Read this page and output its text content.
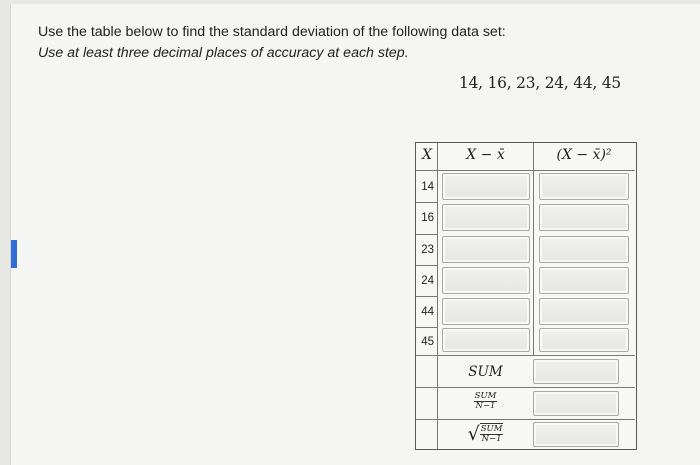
Use the table below to find the standard deviation of the following data set:
Use at least three decimal places of accuracy at each step.
14, 16, 23, 24, 44, 45
X	X − x̄	(X − x̄)²
14
16
23
24
44
45
SUM
$\frac{\text{SUM}}{N-1}$
√ $\frac{\text{SUM}}{N-1}$
